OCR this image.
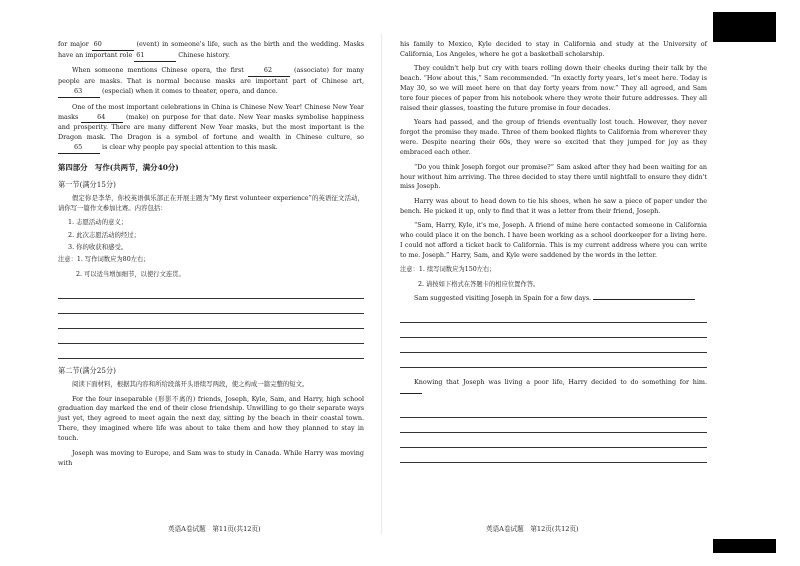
for major 60	(event) in someone's life, such as the birth and the wedding. Masks have an important role 61	Chinese history.

When someone mentions Chinese opera, the first	62	(associate) for many people are masks. That is normal because masks are important part of Chinese art, 63	(especial) when it comes to theater, opera, and dance.

One of the most important celebrations in China is Chinese New Year! Chinese New Year masks	64	(make) on purpose for that date. New Year masks symbolise happiness and prosperity. There are many different New Year masks, but the most important is the Dragon mask. The Dragon is a symbol of fortune and wealth in Chinese culture, so 65	is clear why people pay special attention to this mask.

第四部分　写作(共两节，满分40分)
第一节(满分15分)

假定你是李华，你校英语俱乐部正在开展主题为“My first volunteer experience”的英语征文活动，请你写一篇作文参加比赛。内容包括：

1. 志愿活动的意义；

2. 此次志愿活动的经过；

3. 你的收获和感受。

注意：1. 写作词数应为80左右；

2. 可以适当增加细节，以使行文连贯。

第二节(满分25分)

阅读下面材料，根据其内容和所给段落开头语续写两段，使之构成一篇完整的短文。

For the four inseparable (形影不离的) friends, Joseph, Kyle, Sam, and Harry, high school graduation day marked the end of their close friendship. Unwilling to go their separate ways just yet, they agreed to meet again the next day, sitting by the beach in their coastal town. There, they imagined where life was about to take them and how they planned to stay in touch.

Joseph was moving to Europe, and Sam was to study in Canada. While Harry was moving with

英语A卷试题　第11页(共12页)

his family to Mexico, Kyle decided to stay in California and study at the University of California, Los Angeles, where he got a basketball scholarship.

They couldn't help but cry with tears rolling down their cheeks during their talk by the beach. “How about this,” Sam recommended. “In exactly forty years, let's meet here. Today is May 30, so we will meet here on that day forty years from now.” They all agreed, and Sam tore four pieces of paper from his notebook where they wrote their future addresses. They all raised their glasses, toasting the future promise in four decades.

Years had passed, and the group of friends eventually lost touch. However, they never forgot the promise they made. Three of them booked flights to California from wherever they were. Despite nearing their 60s, they were so excited that they jumped for joy as they embraced each other.

“Do you think Joseph forgot our promise?” Sam asked after they had been waiting for an hour without him arriving. The three decided to stay there until nightfall to ensure they didn't miss Joseph.

Harry was about to head down to tie his shoes, when he saw a piece of paper under the bench. He picked it up, only to find that it was a letter from their friend, Joseph.

“Sam, Harry, Kyle, it's me, Joseph. A friend of mine here contacted someone in California who could place it on the bench. I have been working as a school doorkeeper for a living here. I could not afford a ticket back to California. This is my current address where you can write to me. Joseph.” Harry, Sam, and Kyle were saddened by the words in the letter.

注意：1. 续写词数应为150左右；

2. 请按如下格式在答题卡的相应位置作答。

Sam suggested visiting Joseph in Spain for a few days.

Knowing that Joseph was living a poor life, Harry decided to do something for him.

英语A卷试题　第12页(共12页)
